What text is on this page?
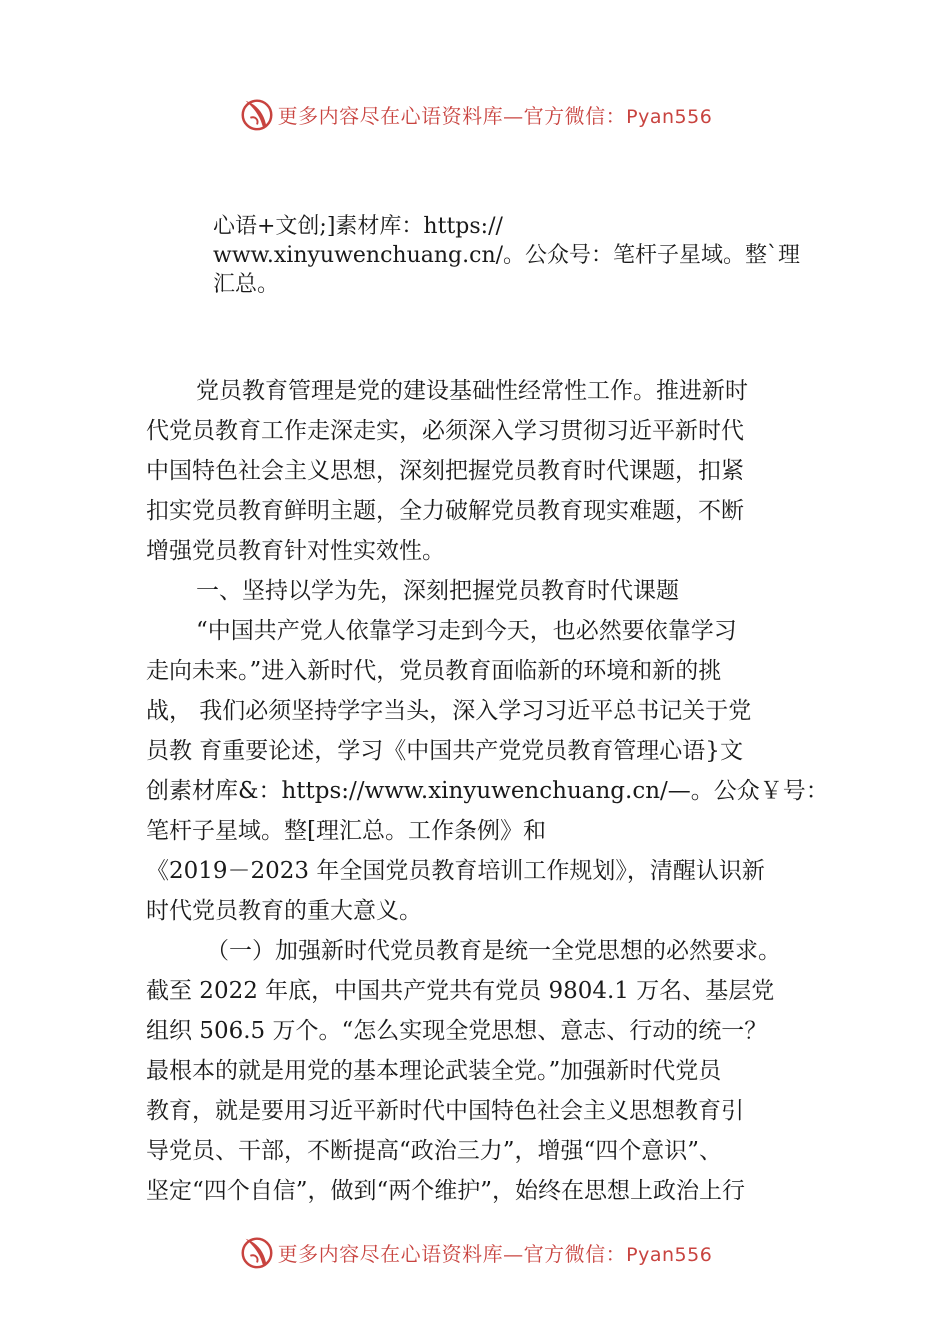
更多内容尽在心语资料库—官方微信：Pyan556
心语+文创;]素材库：https://
www.xinyuwenchuang.cn/。公众号：笔杆子星域。整`理
汇总。
党员教育管理是党的建设基础性经常性工作。推进新时
代党员教育工作走深走实，必须深入学习贯彻习近平新时代
中国特色社会主义思想，深刻把握党员教育时代课题，扣紧
扣实党员教育鲜明主题，全力破解党员教育现实难题，不断
增强党员教育针对性实效性。
一、坚持以学为先，深刻把握党员教育时代课题
“中国共产党人依靠学习走到今天，也必然要依靠学习
走向未来。”进入新时代，党员教育面临新的环境和新的挑
战， 我们必须坚持学字当头，深入学习习近平总书记关于党
员教 育重要论述，学习《中国共产党党员教育管理心语}文
创素材库&：https://www.xinyuwenchuang.cn/—。公众￥号：
笔杆子星域。整[理汇总。工作条例》和
《2019－2023 年全国党员教育培训工作规划》，清醒认识新
时代党员教育的重大意义。
（一）加强新时代党员教育是统一全党思想的必然要求。
截至 2022 年底，中国共产党共有党员 9804.1 万名、基层党
组织 506.5 万个。“怎么实现全党思想、意志、行动的统一？
最根本的就是用党的基本理论武装全党。”加强新时代党员
教育，就是要用习近平新时代中国特色社会主义思想教育引
导党员、干部，不断提高“政治三力”，增强“四个意识”、
坚定“四个自信”，做到“两个维护”，始终在思想上政治上行
更多内容尽在心语资料库—官方微信：Pyan556
